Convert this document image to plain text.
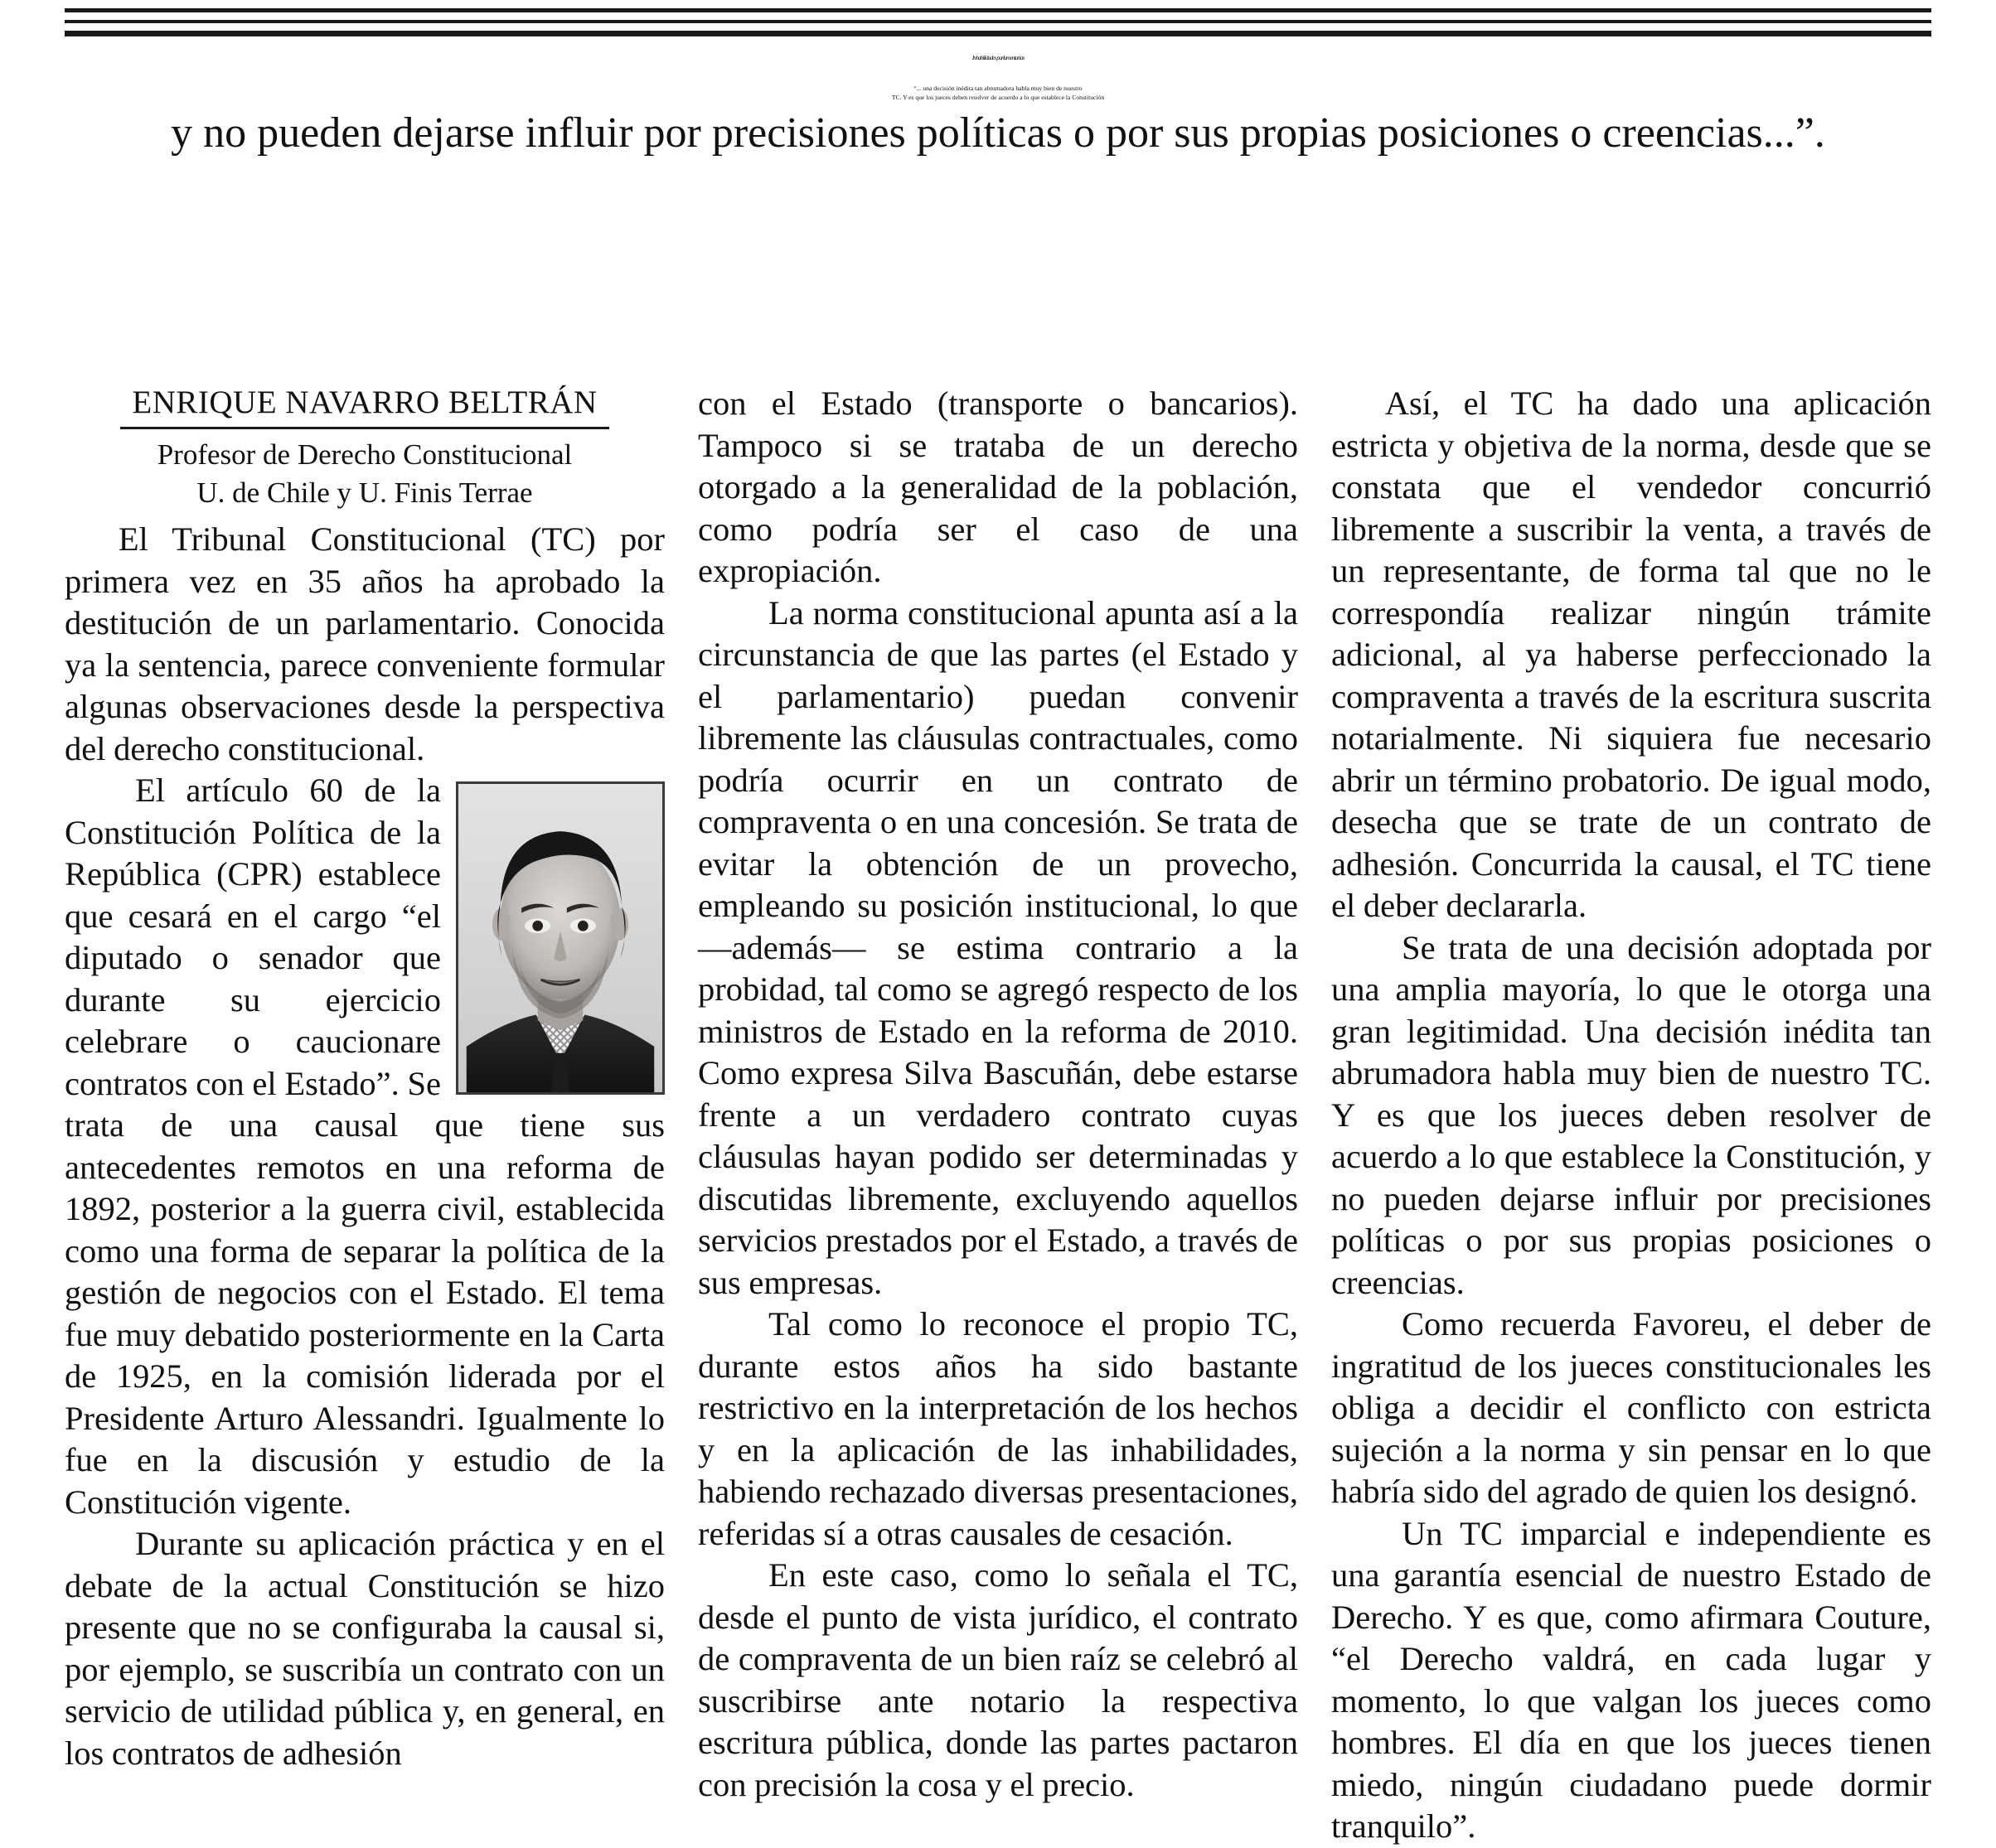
Inhabilidades parlamentarias
“... una decisión inédita tan abrumadora habla muy bien de nuestro
TC. Y es que los jueces deben resolver de acuerdo a lo que establece la Constitución
y no pueden dejarse influir por precisiones políticas o por sus propias posiciones o creencias...”.
ENRIQUE NAVARRO BELTRÁN
Profesor de Derecho Constitucional
U. de Chile y U. Finis Terrae

El Tribunal Constitucional (TC) por primera vez en 35 años ha aprobado la destitución de un parlamentario. Conocida ya la sentencia, parece conveniente formular algunas observaciones desde la perspectiva del derecho constitucional.

El artículo 60 de la Constitución Política de la República (CPR) establece que cesará en el cargo “el diputado o senador que durante su ejercicio celebrare o caucionare contratos con el Estado”. Se trata de una causal que tiene sus antecedentes remotos en una reforma de 1892, posterior a la guerra civil, establecida como una forma de separar la política de la gestión de negocios con el Estado. El tema fue muy debatido posteriormente en la Carta de 1925, en la comisión liderada por el Presidente Arturo Alessandri. Igualmente lo fue en la discusión y estudio de la Constitución vigente.

Durante su aplicación práctica y en el debate de la actual Constitución se hizo presente que no se configuraba la causal si, por ejemplo, se suscribía un contrato con un servicio de utilidad pública y, en general, en los contratos de adhesión

con el Estado (transporte o bancarios). Tampoco si se trataba de un derecho otorgado a la generalidad de la población, como podría ser el caso de una expropiación.

La norma constitucional apunta así a la circunstancia de que las partes (el Estado y el parlamentario) puedan convenir libremente las cláusulas contractuales, como podría ocurrir en un contrato de compraventa o en una concesión. Se trata de evitar la obtención de un provecho, empleando su posición institucional, lo que —además— se estima contrario a la probidad, tal como se agregó respecto de los ministros de Estado en la reforma de 2010. Como expresa Silva Bascuñán, debe estarse frente a un verdadero contrato cuyas cláusulas hayan podido ser determinadas y discutidas libremente, excluyendo aquellos servicios prestados por el Estado, a través de sus empresas.

Tal como lo reconoce el propio TC, durante estos años ha sido bastante restrictivo en la interpretación de los hechos y en la aplicación de las inhabilidades, habiendo rechazado diversas presentaciones, referidas sí a otras causales de cesación.

En este caso, como lo señala el TC, desde el punto de vista jurídico, el contrato de compraventa de un bien raíz se celebró al suscribirse ante notario la respectiva escritura pública, donde las partes pactaron con precisión la cosa y el precio.

Así, el TC ha dado una aplicación estricta y objetiva de la norma, desde que se constata que el vendedor concurrió libremente a suscribir la venta, a través de un representante, de forma tal que no le correspondía realizar ningún trámite adicional, al ya haberse perfeccionado la compraventa a través de la escritura suscrita notarialmente. Ni siquiera fue necesario abrir un término probatorio. De igual modo, desecha que se trate de un contrato de adhesión. Concurrida la causal, el TC tiene el deber declararla.

Se trata de una decisión adoptada por una amplia mayoría, lo que le otorga una gran legitimidad. Una decisión inédita tan abrumadora habla muy bien de nuestro TC. Y es que los jueces deben resolver de acuerdo a lo que establece la Constitución, y no pueden dejarse influir por precisiones políticas o por sus propias posiciones o creencias.

Como recuerda Favoreu, el deber de ingratitud de los jueces constitucionales les obliga a decidir el conflicto con estricta sujeción a la norma y sin pensar en lo que habría sido del agrado de quien los designó.

Un TC imparcial e independiente es una garantía esencial de nuestro Estado de Derecho. Y es que, como afirmara Couture, “el Derecho valdrá, en cada lugar y momento, lo que valgan los jueces como hombres. El día en que los jueces tienen miedo, ningún ciudadano puede dormir tranquilo”.
